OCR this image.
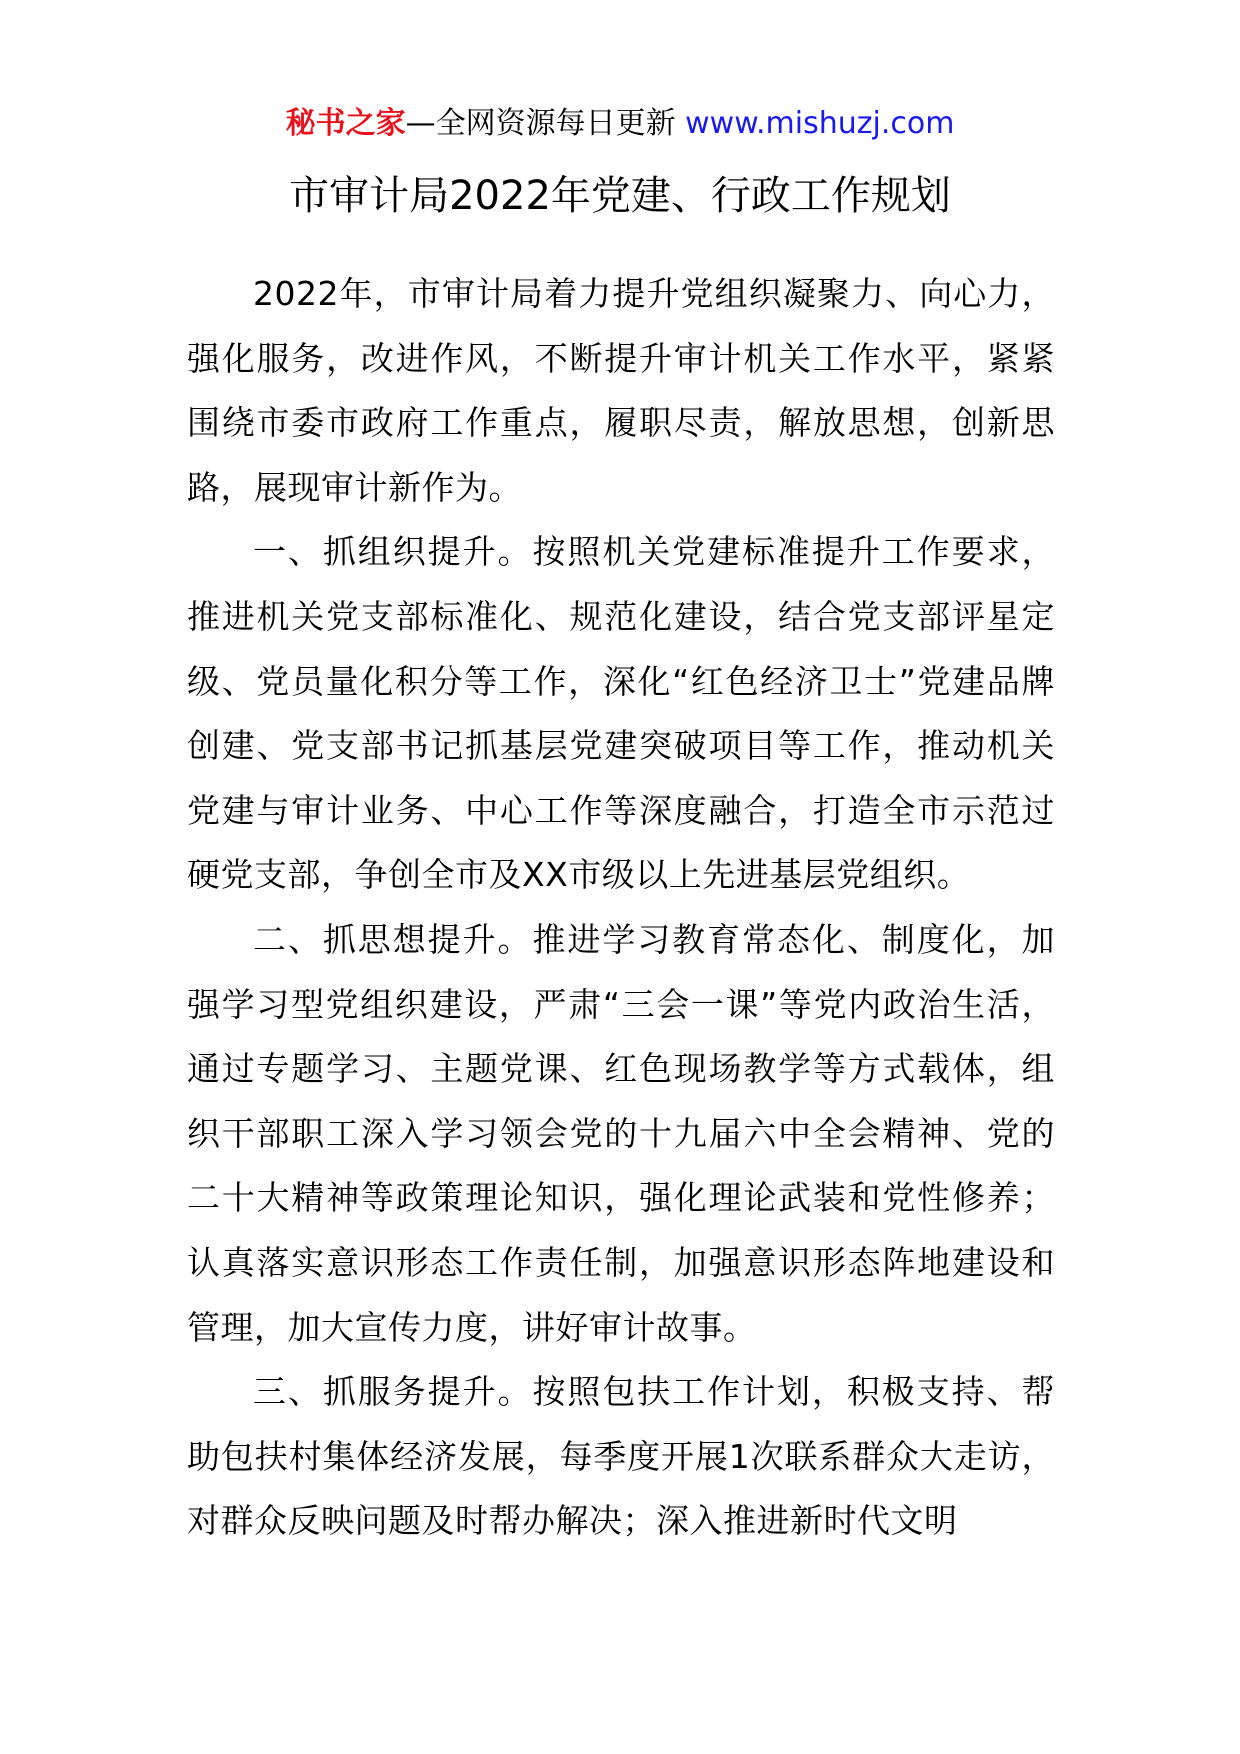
秘书之家—全网资源每日更新 www.mishuzj.com
市审计局2022年党建、行政工作规划

2022年，市审计局着力提升党组织凝聚力、向心力，强化服务，改进作风，不断提升审计机关工作水平，紧紧围绕市委市政府工作重点，履职尽责，解放思想，创新思路，展现审计新作为。

一、抓组织提升。按照机关党建标准提升工作要求，推进机关党支部标准化、规范化建设，结合党支部评星定级、党员量化积分等工作，深化“红色经济卫士”党建品牌创建、党支部书记抓基层党建突破项目等工作，推动机关党建与审计业务、中心工作等深度融合，打造全市示范过硬党支部，争创全市及XX市级以上先进基层党组织。

二、抓思想提升。推进学习教育常态化、制度化，加强学习型党组织建设，严肃“三会一课”等党内政治生活，通过专题学习、主题党课、红色现场教学等方式载体，组织干部职工深入学习领会党的十九届六中全会精神、党的二十大精神等政策理论知识，强化理论武装和党性修养；认真落实意识形态工作责任制，加强意识形态阵地建设和管理，加大宣传力度，讲好审计故事。

三、抓服务提升。按照包扶工作计划，积极支持、帮助包扶村集体经济发展，每季度开展1次联系群众大走访，对群众反映问题及时帮办解决；深入推进新时代文明
